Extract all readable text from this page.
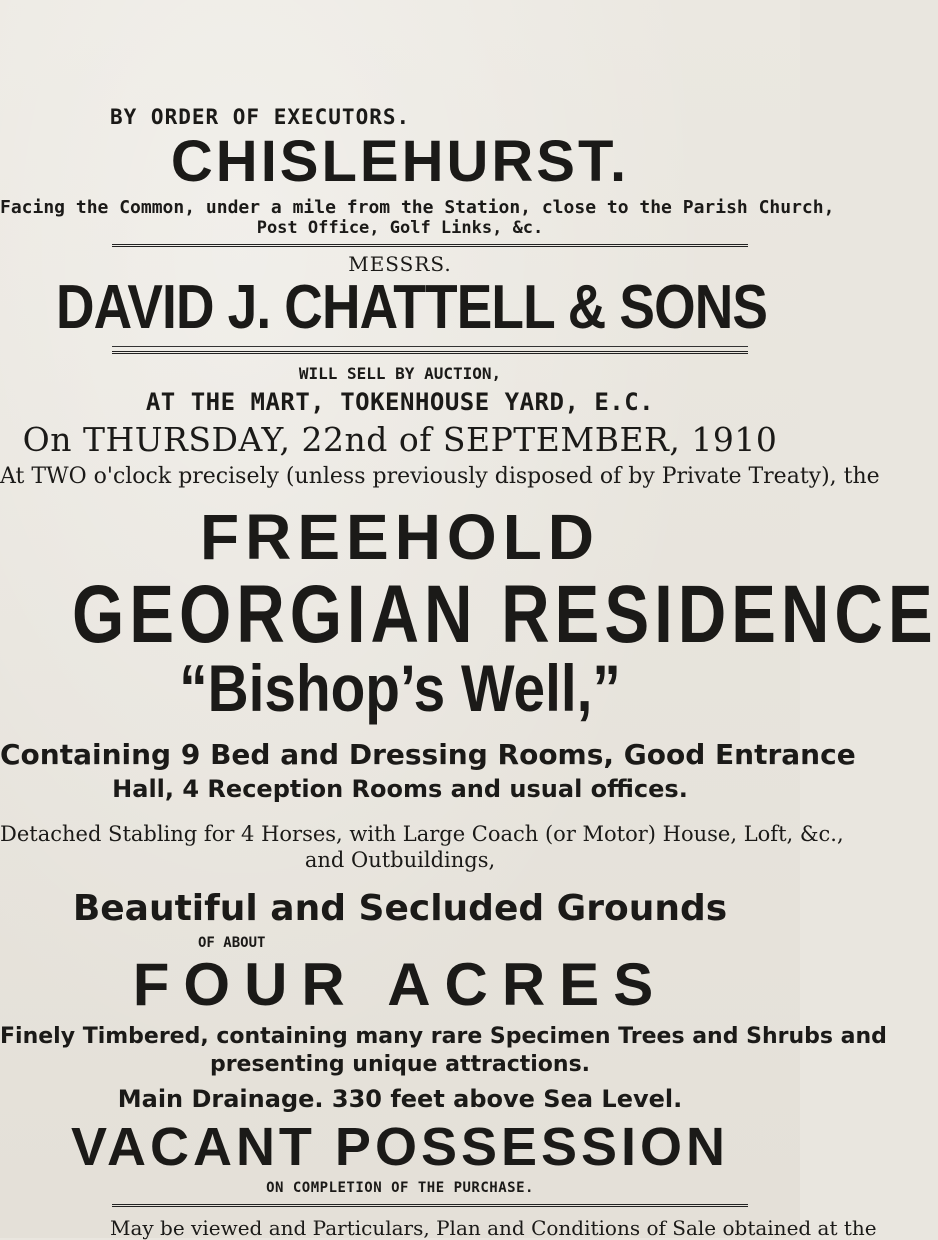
BY ORDER OF EXECUTORS.
CHISLEHURST.
Facing the Common, under a mile from the Station, close to the Parish Church,
Post Office, Golf Links, &c.
MESSRS.
DAVID J. CHATTELL & SONS
WILL SELL BY AUCTION,
AT THE MART, TOKENHOUSE YARD, E.C.
On THURSDAY, 22nd of SEPTEMBER, 1910
At TWO o'clock precisely (unless previously disposed of by Private Treaty), the
FREEHOLD
GEORGIAN RESIDENCE
“Bishop’s Well,”
Containing 9 Bed and Dressing Rooms, Good Entrance
Hall, 4 Reception Rooms and usual offices.
Detached Stabling for 4 Horses, with Large Coach (or Motor) House, Loft, &c.,
and Outbuildings,
Beautiful and Secluded Grounds
OF ABOUT
FOUR ACRES
Finely Timbered, containing many rare Specimen Trees and Shrubs and
presenting unique attractions.
Main Drainage. 330 feet above Sea Level.
VACANT POSSESSION
ON COMPLETION OF THE PURCHASE.
May be viewed and Particulars, Plan and Conditions of Sale obtained at the
